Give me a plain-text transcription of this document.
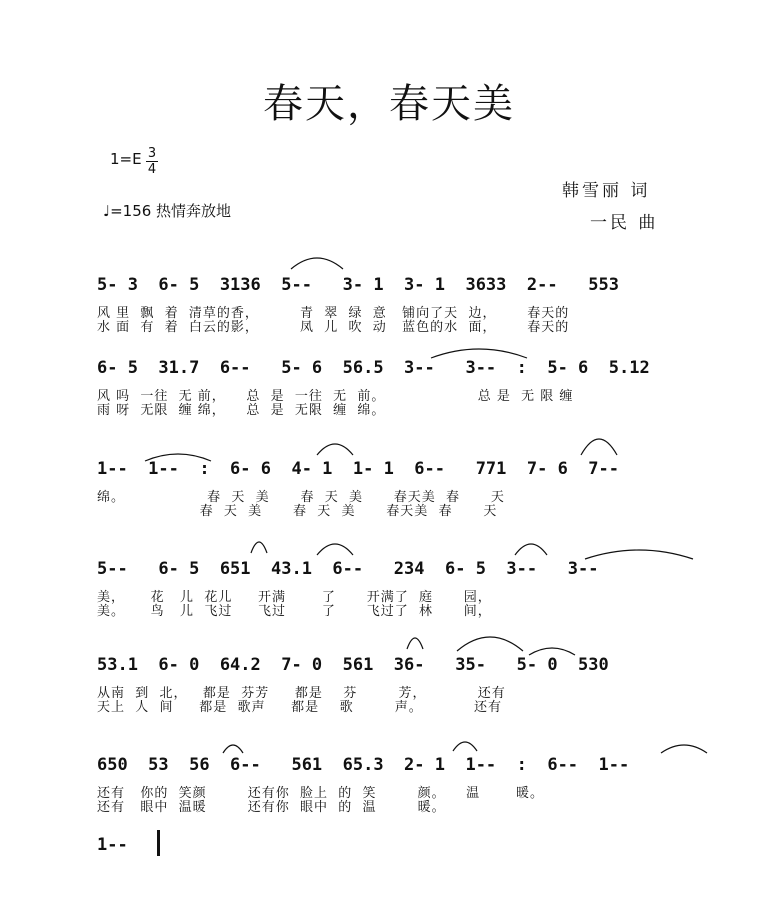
春天，春天美
1=E 3
4
♩=156 热情奔放地
韩雪丽 词
一民 曲
5- 3  6- 5  3136  5--   3- 1  3- 1  3633  2--   553
风 里  飘  着  清草的香，        青  翠  绿  意   铺向了天  边，      春天的
水 面  有  着  白云的影，        凤  儿  吹  动   蓝色的水  面，      春天的
6- 5  31.7  6--   5- 6  56.5  3--   3--  :  5- 6  5.12
风 吗  一往  无 前，    总  是  一往  无  前。                  总 是  无 限 缠
雨 呀  无限  缠 绵，    总  是  无限  缠  绵。
1--  1--  :  6- 6  4- 1  1- 1  6--   771  7- 6  7--
绵。                春  天  美      春  天  美      春天美  春      天
春  天  美      春  天  美      春天美  春      天
5--   6- 5  651  43.1  6--   234  6- 5  3--   3--
美，     花   儿  花儿     开满       了      开满了  庭      园，
美。     鸟   儿  飞过     飞过       了      飞过了  林      间，
53.1  6- 0  64.2  7- 0  561  36-   35-   5- 0  530
从南  到  北，   都是  芬芳     都是    芬        芳，          还有
天上  人  间     都是  歌声     都是    歌        声。          还有
650  53  56  6--   561  65.3  2- 1  1--  :  6--  1--
还有   你的  笑颜        还有你  脸上  的  笑        颜。    温       暖。
还有   眼中  温暖        还有你  眼中  的  温        暖。
1--
